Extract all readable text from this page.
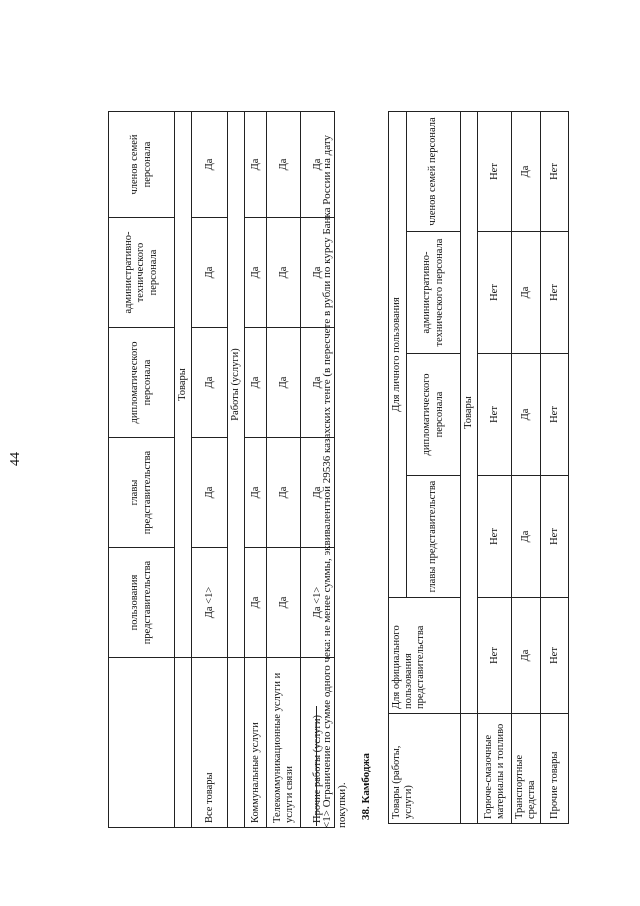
44
	пользования представительства	главы представительства	дипломатического персонала	административно-технического персонала	членов семей персонала
	Товары				
Все товары	Да <1>	Да	Да	Да	Да
	Работы (услуги)				
Коммунальные услуги	Да	Да	Да	Да	Да
Телекоммуникационные услуги и услуги связи	Да	Да	Да	Да	Да
Прочие работы (услуги)	Да <1>	Да	Да	Да	Да
<1> Ограничение по сумме одного чека: не менее суммы, эквивалентной 29536 казахских тенге (в пересчете в рубли по курсу Банка России на дату покупки). 38. Камбоджа Товары (работы, услуги)	Для официального пользования представительства	Для личного пользования			
		главы представительства	дипломатического персонала	административно-технического персонала	членов семей персонала
	Товары				
Горюче-смазочные материалы и топливо	Нет	Нет	Нет	Нет	Нет
Транспортные средства	Да	Да	Да	Да	Да
Прочие товары	Нет	Нет	Нет	Нет	Нет
